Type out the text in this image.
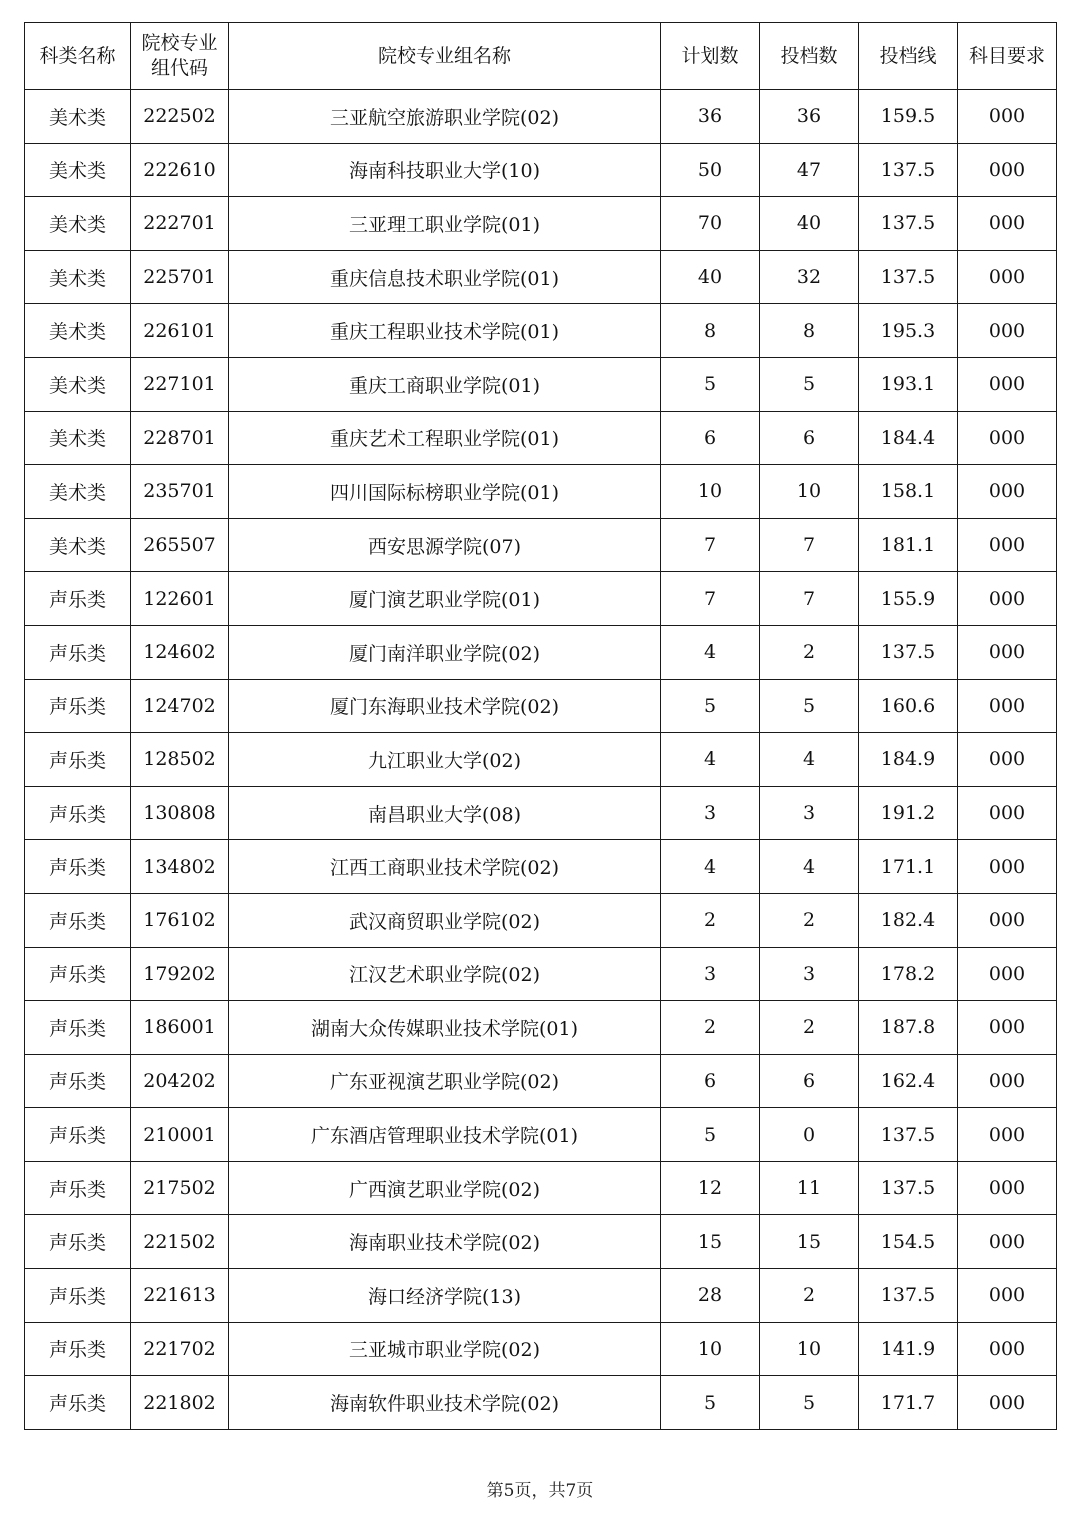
科类名称	院校专业组代码	院校专业组名称	计划数	投档数	投档线	科目要求
美术类	222502	三亚航空旅游职业学院(02)	36	36	159.5	000
美术类	222610	海南科技职业大学(10)	50	47	137.5	000
美术类	222701	三亚理工职业学院(01)	70	40	137.5	000
美术类	225701	重庆信息技术职业学院(01)	40	32	137.5	000
美术类	226101	重庆工程职业技术学院(01)	8	8	195.3	000
美术类	227101	重庆工商职业学院(01)	5	5	193.1	000
美术类	228701	重庆艺术工程职业学院(01)	6	6	184.4	000
美术类	235701	四川国际标榜职业学院(01)	10	10	158.1	000
美术类	265507	西安思源学院(07)	7	7	181.1	000
声乐类	122601	厦门演艺职业学院(01)	7	7	155.9	000
声乐类	124602	厦门南洋职业学院(02)	4	2	137.5	000
声乐类	124702	厦门东海职业技术学院(02)	5	5	160.6	000
声乐类	128502	九江职业大学(02)	4	4	184.9	000
声乐类	130808	南昌职业大学(08)	3	3	191.2	000
声乐类	134802	江西工商职业技术学院(02)	4	4	171.1	000
声乐类	176102	武汉商贸职业学院(02)	2	2	182.4	000
声乐类	179202	江汉艺术职业学院(02)	3	3	178.2	000
声乐类	186001	湖南大众传媒职业技术学院(01)	2	2	187.8	000
声乐类	204202	广东亚视演艺职业学院(02)	6	6	162.4	000
声乐类	210001	广东酒店管理职业技术学院(01)	5	0	137.5	000
声乐类	217502	广西演艺职业学院(02)	12	11	137.5	000
声乐类	221502	海南职业技术学院(02)	15	15	154.5	000
声乐类	221613	海口经济学院(13)	28	2	137.5	000
声乐类	221702	三亚城市职业学院(02)	10	10	141.9	000
声乐类	221802	海南软件职业技术学院(02)	5	5	171.7	000
第5页，共7页
